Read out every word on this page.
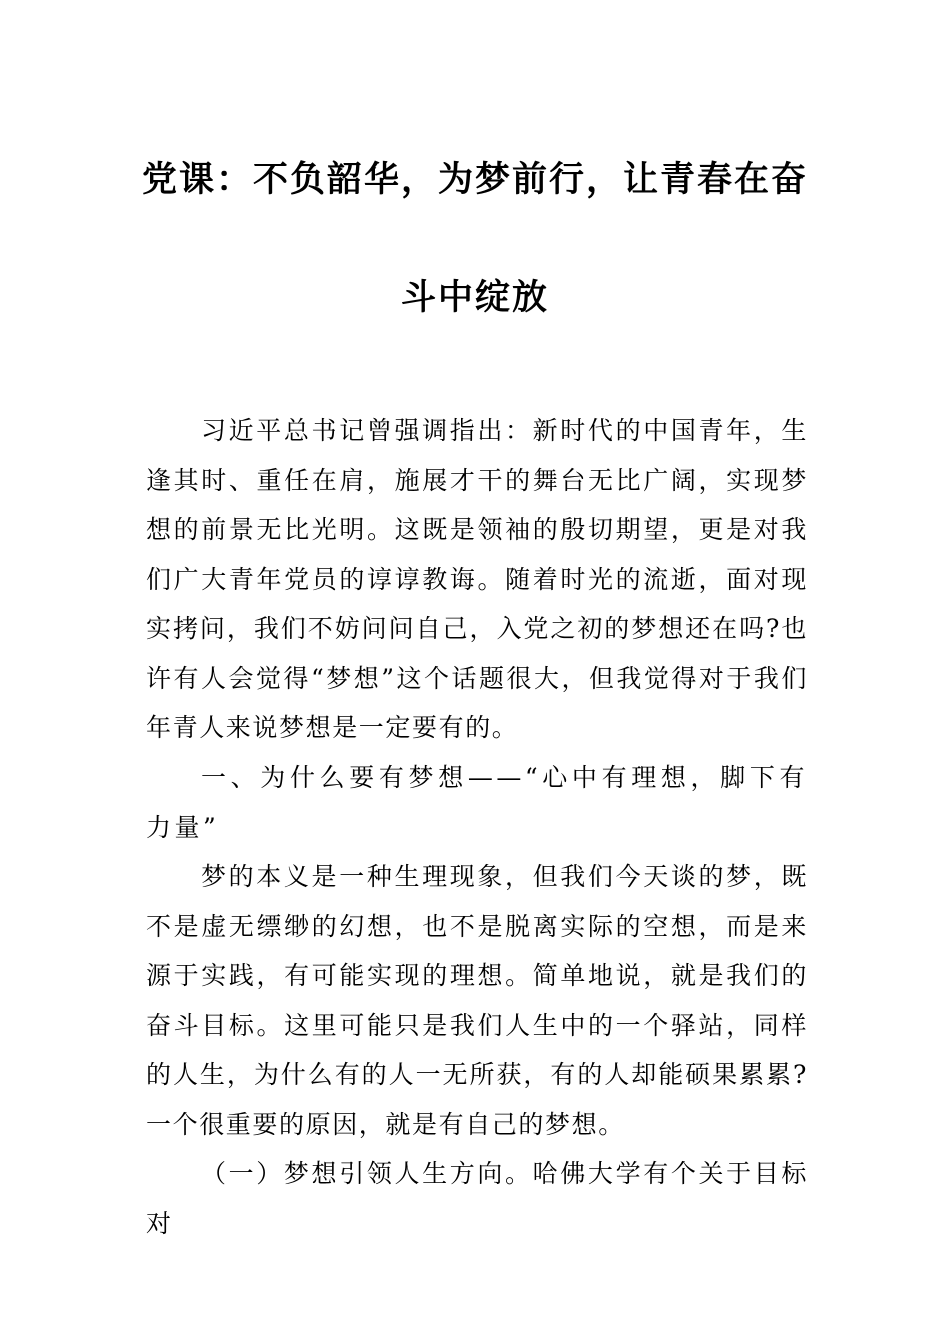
党课：不负韶华，为梦前行，让青春在奋
斗中绽放

习近平总书记曾强调指出：新时代的中国青年，生逢其时、重任在肩，施展才干的舞台无比广阔，实现梦想的前景无比光明。这既是领袖的殷切期望，更是对我们广大青年党员的谆谆教诲。随着时光的流逝，面对现实拷问，我们不妨问问自己，入党之初的梦想还在吗?也许有人会觉得“梦想”这个话题很大，但我觉得对于我们年青人来说梦想是一定要有的。

一、为什么要有梦想——“心中有理想，脚下有力量”

梦的本义是一种生理现象，但我们今天谈的梦，既不是虚无缥缈的幻想，也不是脱离实际的空想，而是来源于实践，有可能实现的理想。简单地说，就是我们的奋斗目标。这里可能只是我们人生中的一个驿站，同样的人生，为什么有的人一无所获，有的人却能硕果累累?一个很重要的原因，就是有自己的梦想。

（一）梦想引领人生方向。哈佛大学有个关于目标对
